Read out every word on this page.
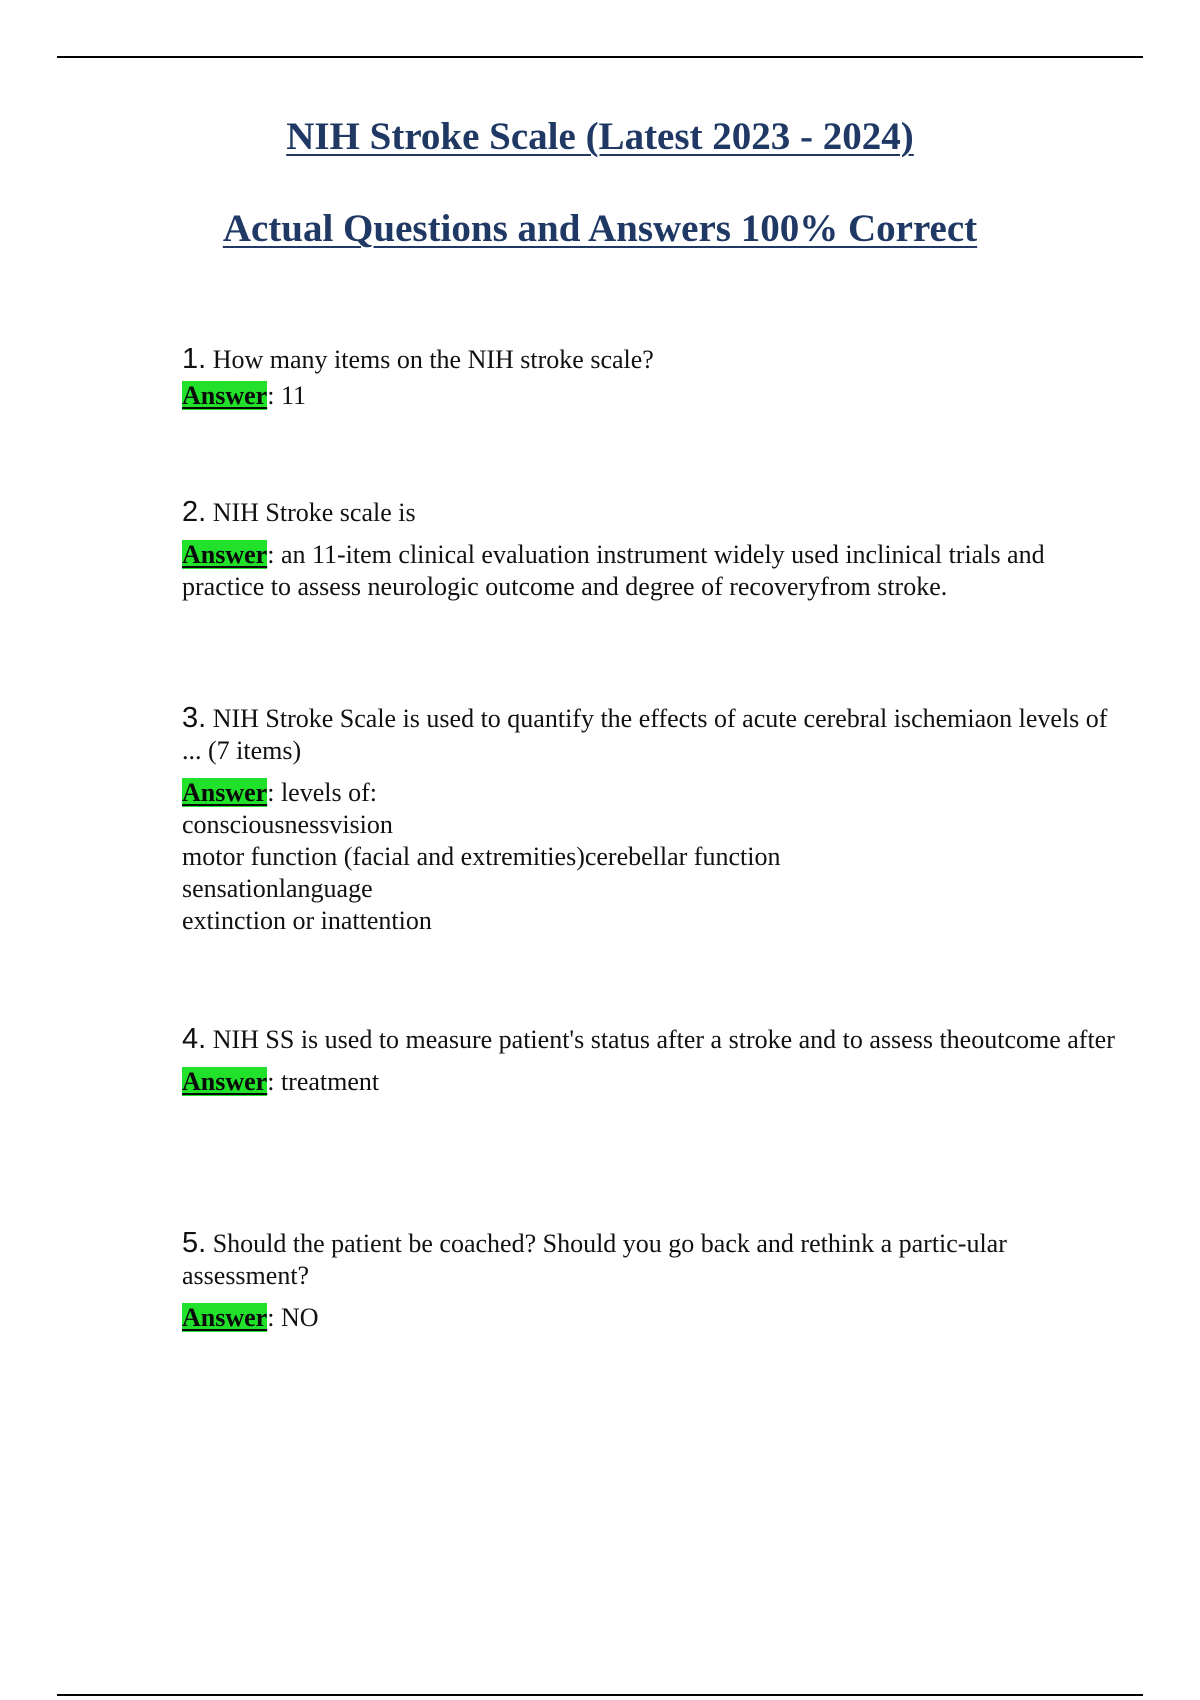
NIH Stroke Scale (Latest 2023 - 2024)
Actual Questions and Answers 100% Correct

1. How many items on the NIH stroke scale?

Answer: 11

2. NIH Stroke scale is

Answer: an 11-item clinical evaluation instrument widely used inclinical trials and practice to assess neurologic outcome and degree of recoveryfrom stroke.

3. NIH Stroke Scale is used to quantify the effects of acute cerebral ischemiaon levels of ... (7 items)

Answer: levels of:

consciousnessvision
motor function (facial and extremities)cerebellar function
sensationlanguage
extinction or inattention

4. NIH SS is used to measure patient's status after a stroke and to assess theoutcome after

Answer: treatment

5. Should the patient be coached? Should you go back and rethink a partic-ular assessment?

Answer: NO
